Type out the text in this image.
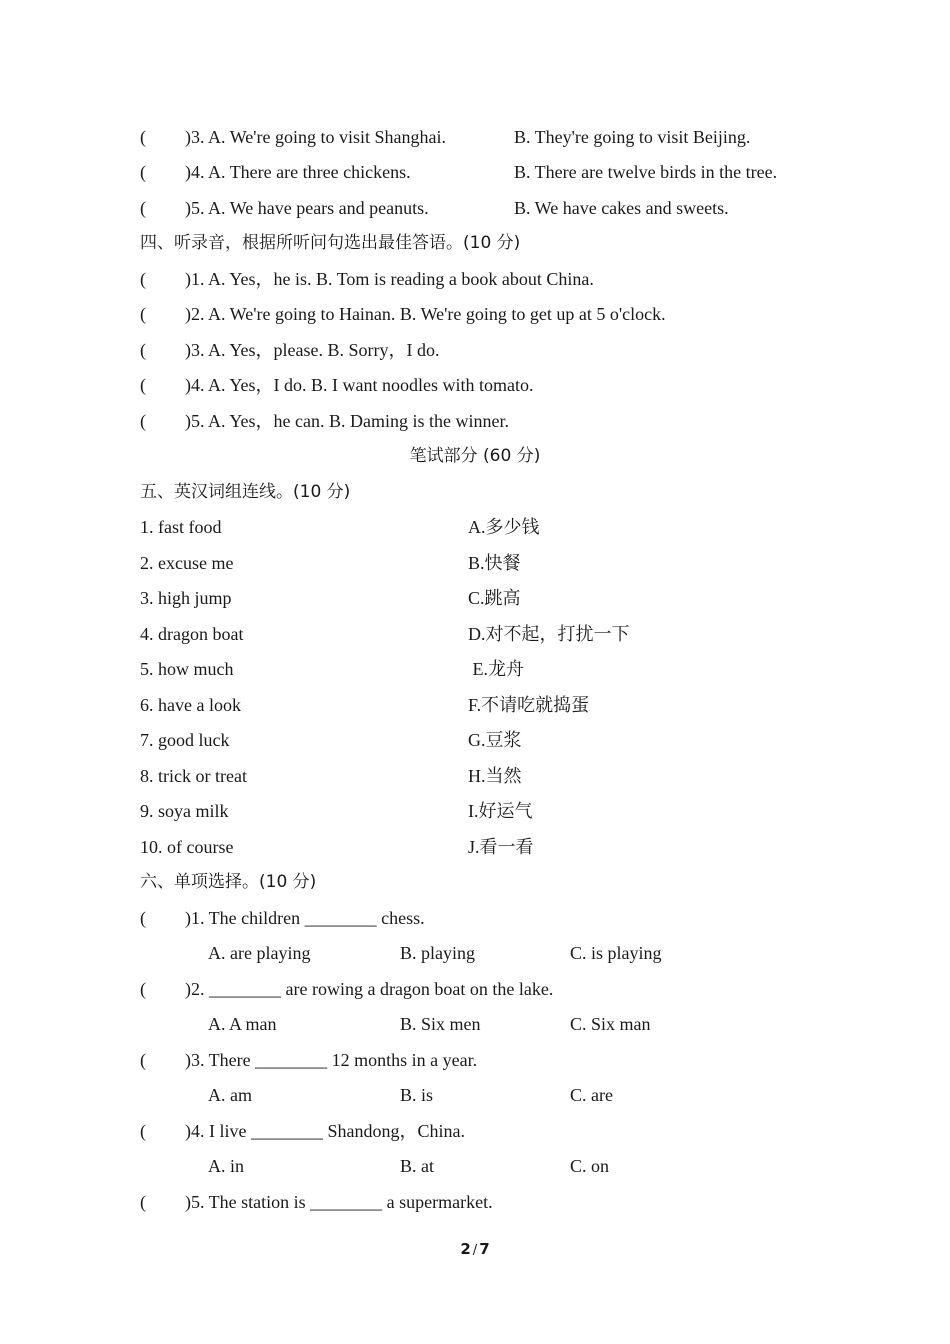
( )3. A. We're going to visit Shanghai.	B. They're going to visit Beijing.
( )4. A. There are three chickens.	B. There are twelve birds in the tree.
( )5. A. We have pears and peanuts.	B. We have cakes and sweets.
四、听录音，根据所听问句选出最佳答语。(10 分)
( )1. A. Yes，he is. B. Tom is reading a book about China.
( )2. A. We're going to Hainan. B. We're going to get up at 5 o'clock.
( )3. A. Yes，please. B. Sorry，I do.
( )4. A. Yes，I do. B. I want noodles with tomato.
( )5. A. Yes，he can. B. Daming is the winner.
笔试部分 (60 分)
五、英汉词组连线。(10 分)
1. fast food	A.多少钱
2. excuse me	B.快餐
3. high jump	C.跳高
4. dragon boat	D.对不起，打扰一下
5. how much	E.龙舟
6. have a look	F.不请吃就捣蛋
7. good luck	G.豆浆
8. trick or treat	H.当然
9. soya milk	I.好运气
10. of course	J.看一看
六、单项选择。(10 分)
( )1. The children ________ chess.
A. are playing	B. playing	C. is playing
( )2. ________ are rowing a dragon boat on the lake.
A. A man	B. Six men	C. Six man
( )3. There ________ 12 months in a year.
A. am	B. is	C. are
( )4. I live ________ Shandong，China.
A. in	B. at	C. on
( )5. The station is ________ a supermarket.
2 / 7
